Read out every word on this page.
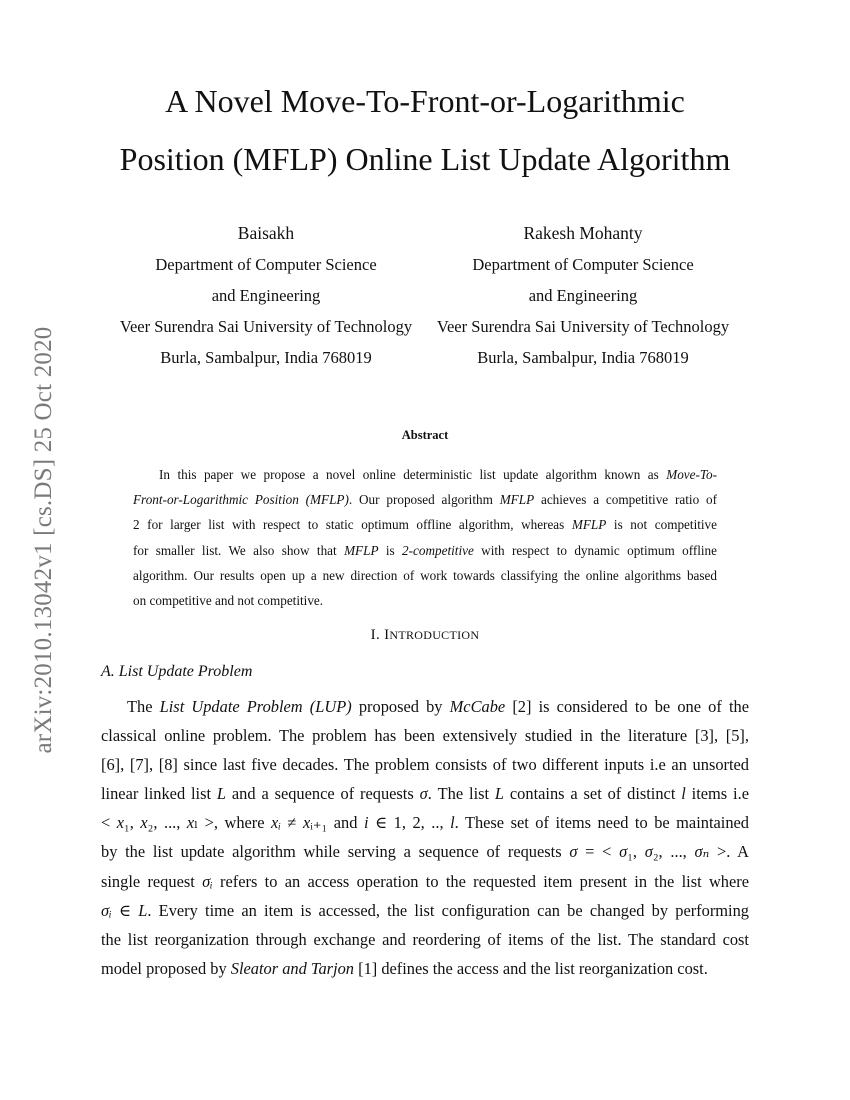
arXiv:2010.13042v1 [cs.DS] 25 Oct 2020
A Novel Move-To-Front-or-Logarithmic
Position (MFLP) Online List Update Algorithm
Baisakh
Department of Computer Science
and Engineering
Veer Surendra Sai University of Technology
Burla, Sambalpur, India 768019
Rakesh Mohanty
Department of Computer Science
and Engineering
Veer Surendra Sai University of Technology
Burla, Sambalpur, India 768019
Abstract
In this paper we propose a novel online deterministic list update algorithm known as Move-To-
Front-or-Logarithmic Position (MFLP). Our proposed algorithm MFLP achieves a competitive ratio of
2 for larger list with respect to static optimum offline algorithm, whereas MFLP is not competitive
for smaller list. We also show that MFLP is 2-competitive with respect to dynamic optimum offline
algorithm. Our results open up a new direction of work towards classifying the online algorithms based
on competitive and not competitive.
I. INTRODUCTION
A. List Update Problem
The List Update Problem (LUP) proposed by McCabe [2] is considered to be one of the
classical online problem. The problem has been extensively studied in the literature [3], [5],
[6], [7], [8] since last five decades. The problem consists of two different inputs i.e an unsorted
linear linked list L and a sequence of requests σ. The list L contains a set of distinct l items i.e
< x₁, x₂, ..., xₗ >, where xᵢ ≠ xᵢ₊₁ and i ∈ 1, 2, .., l. These set of items need to be maintained
by the list update algorithm while serving a sequence of requests σ = < σ₁, σ₂, ..., σₙ >. A
single request σᵢ refers to an access operation to the requested item present in the list where
σᵢ ∈ L. Every time an item is accessed, the list configuration can be changed by performing
the list reorganization through exchange and reordering of items of the list. The standard cost
model proposed by Sleator and Tarjon [1] defines the access and the list reorganization cost.
